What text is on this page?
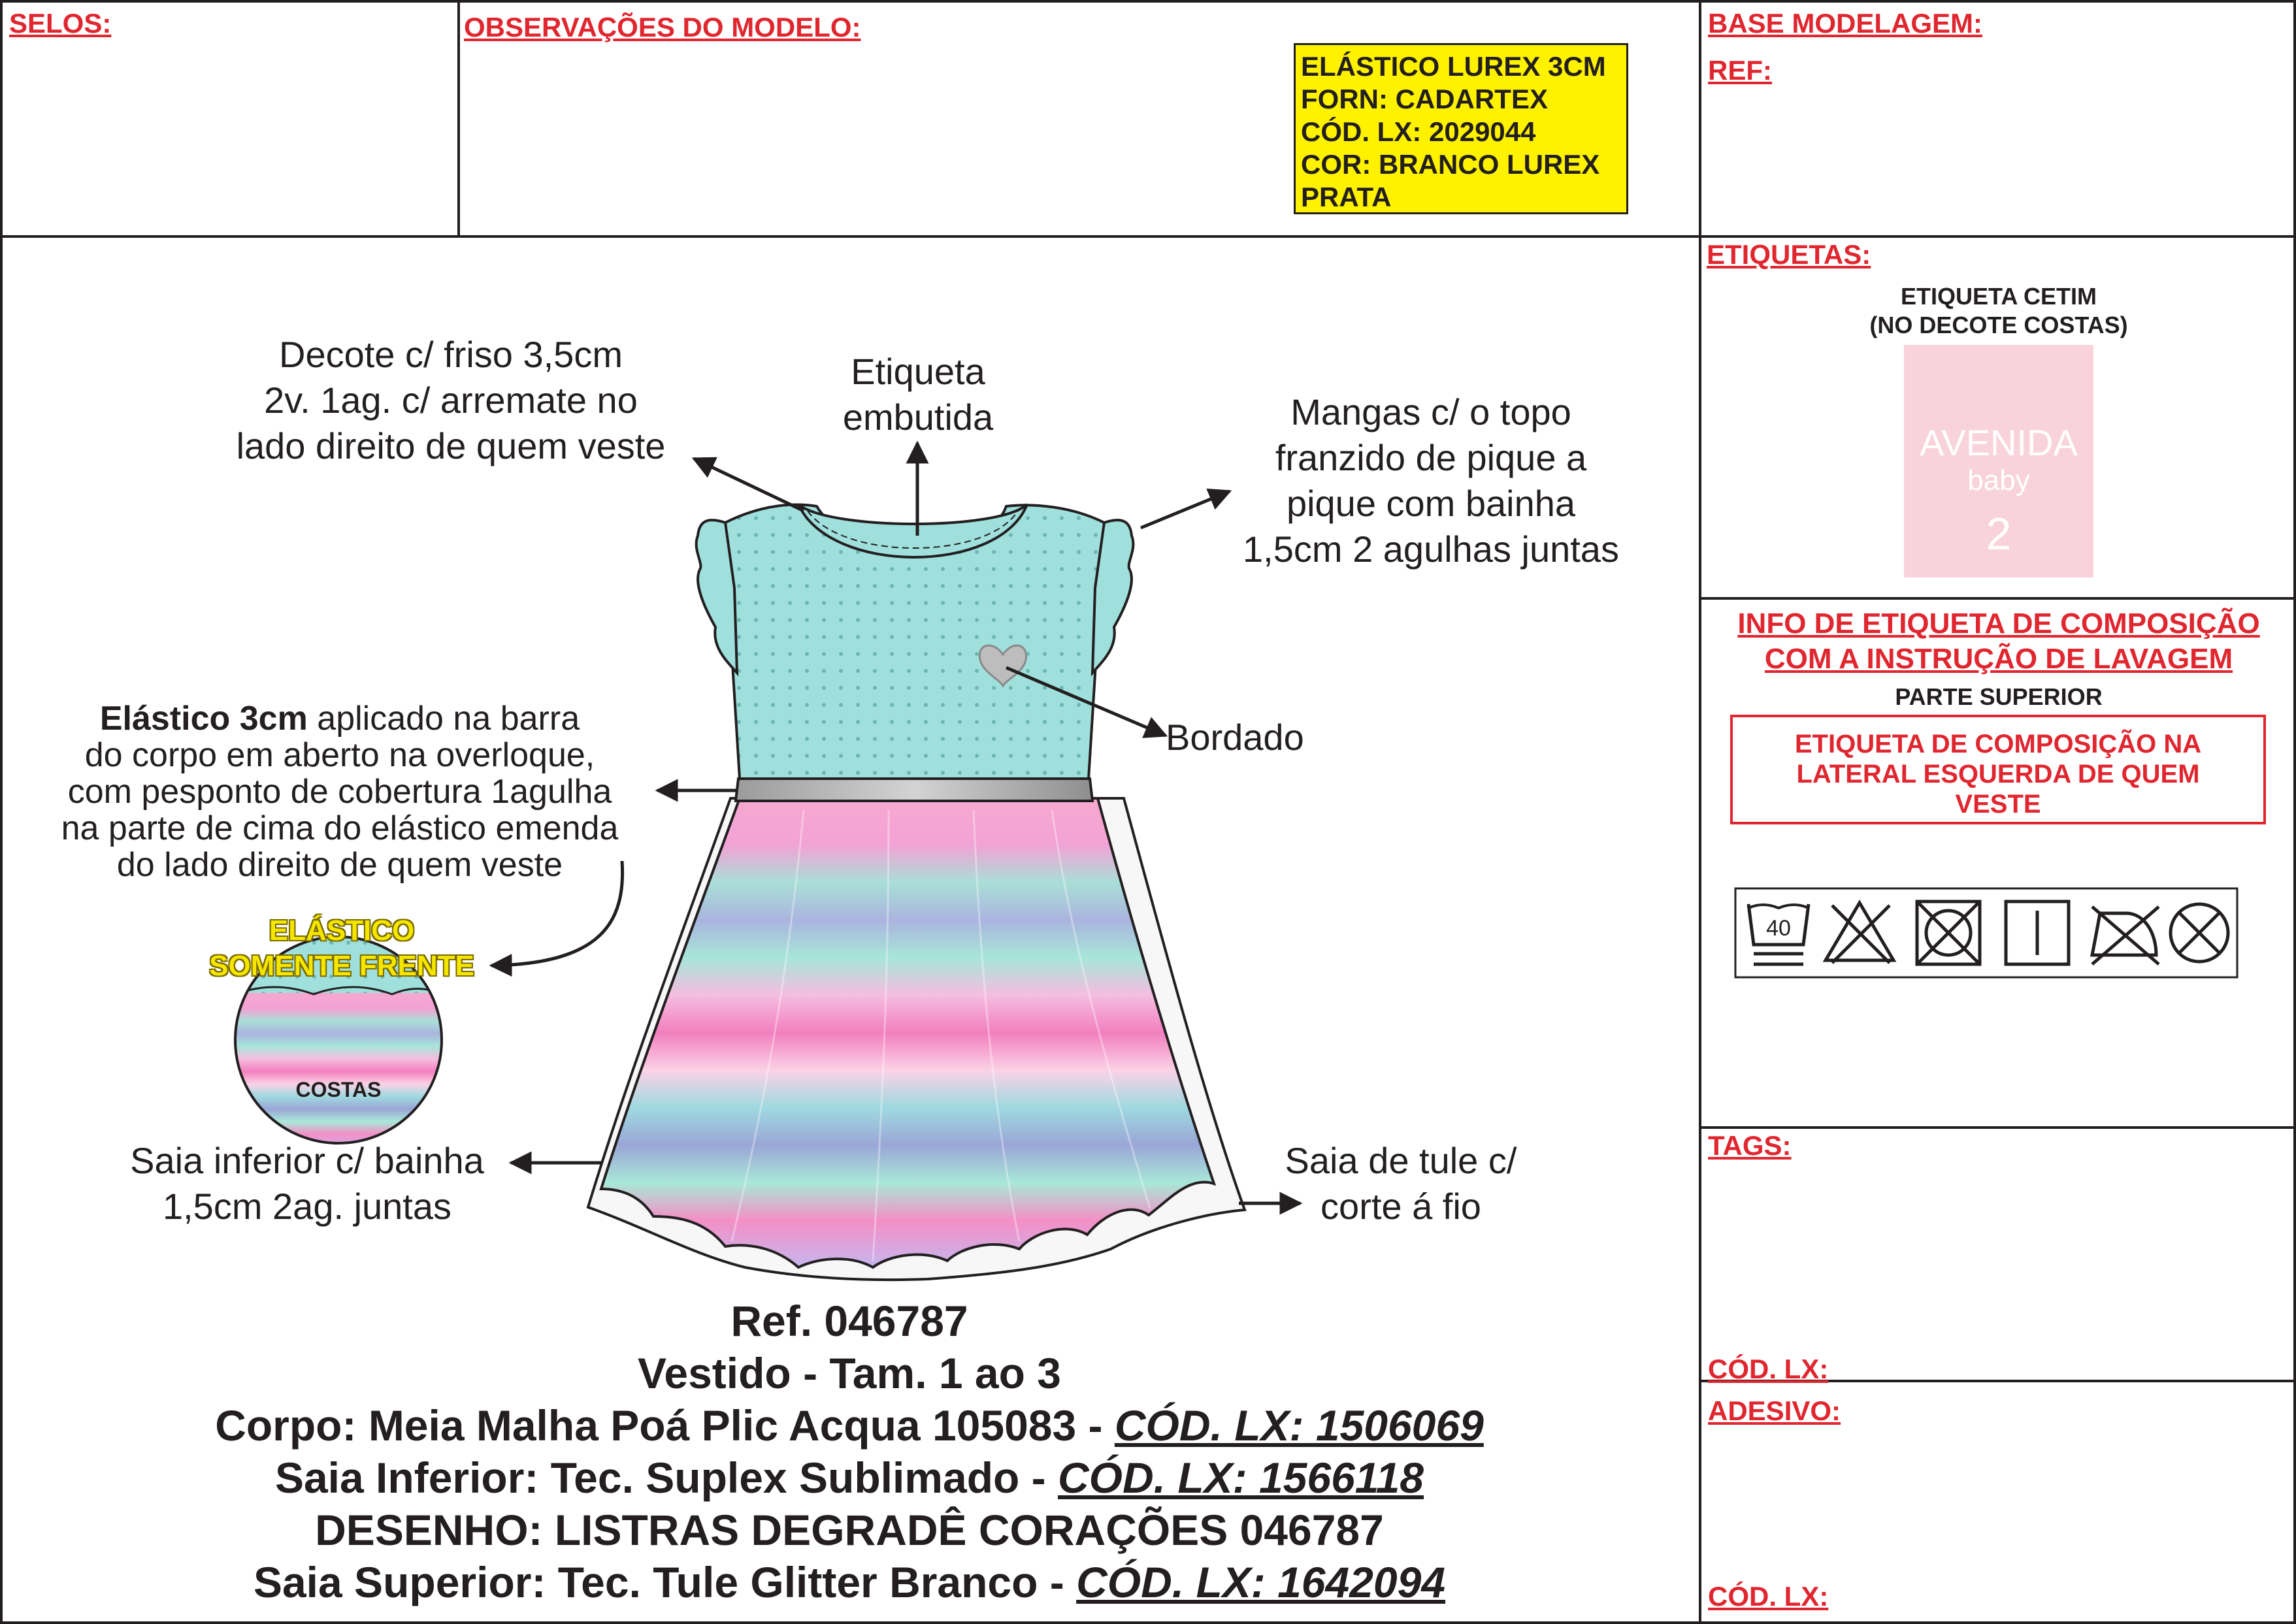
SELOS:	OBSERVAÇÕES DO MODELO:
ELÁSTICO LUREX 3CM
FORN: CADARTEX
CÓD. LX: 2029044
COR: BRANCO LUREX
PRATA
BASE MODELAGEM:
REF:
Decote c/ friso 3,5cm
2v. 1ag. c/ arremate no
lado direito de quem veste
Etiqueta
embutida	Mangas c/ o topo
franzido de pique a
pique com bainha
1,5cm 2 agulhas juntas
Bordado
Elástico 3cm aplicado na barra
do corpo em aberto na overloque,
com pesponto de cobertura 1agulha
na parte de cima do elástico emenda
do lado direito de quem veste
ELÁSTICO
SOMENTE FRENTE
COSTAS
Saia inferior c/ bainha
1,5cm 2ag. juntas
Saia de tule c/
corte á fio
Ref. 046787
Vestido - Tam. 1 ao 3
Corpo: Meia Malha Poá Plic Acqua 105083 - CÓD. LX: 1506069
Saia Inferior: Tec. Suplex Sublimado - CÓD. LX: 1566118
DESENHO: LISTRAS DEGRADÊ CORAÇÕES 046787
Saia Superior: Tec. Tule Glitter Branco - CÓD. LX: 1642094
ETIQUETAS:
ETIQUETA CETIM
(NO DECOTE COSTAS)
AVENIDA
baby
2
INFO DE ETIQUETA DE COMPOSIÇÃO
COM A INSTRUÇÃO DE LAVAGEM
PARTE SUPERIOR
ETIQUETA DE COMPOSIÇÃO NA
LATERAL ESQUERDA DE QUEM
VESTE
40
TAGS:
CÓD. LX:
ADESIVO:
CÓD. LX:
